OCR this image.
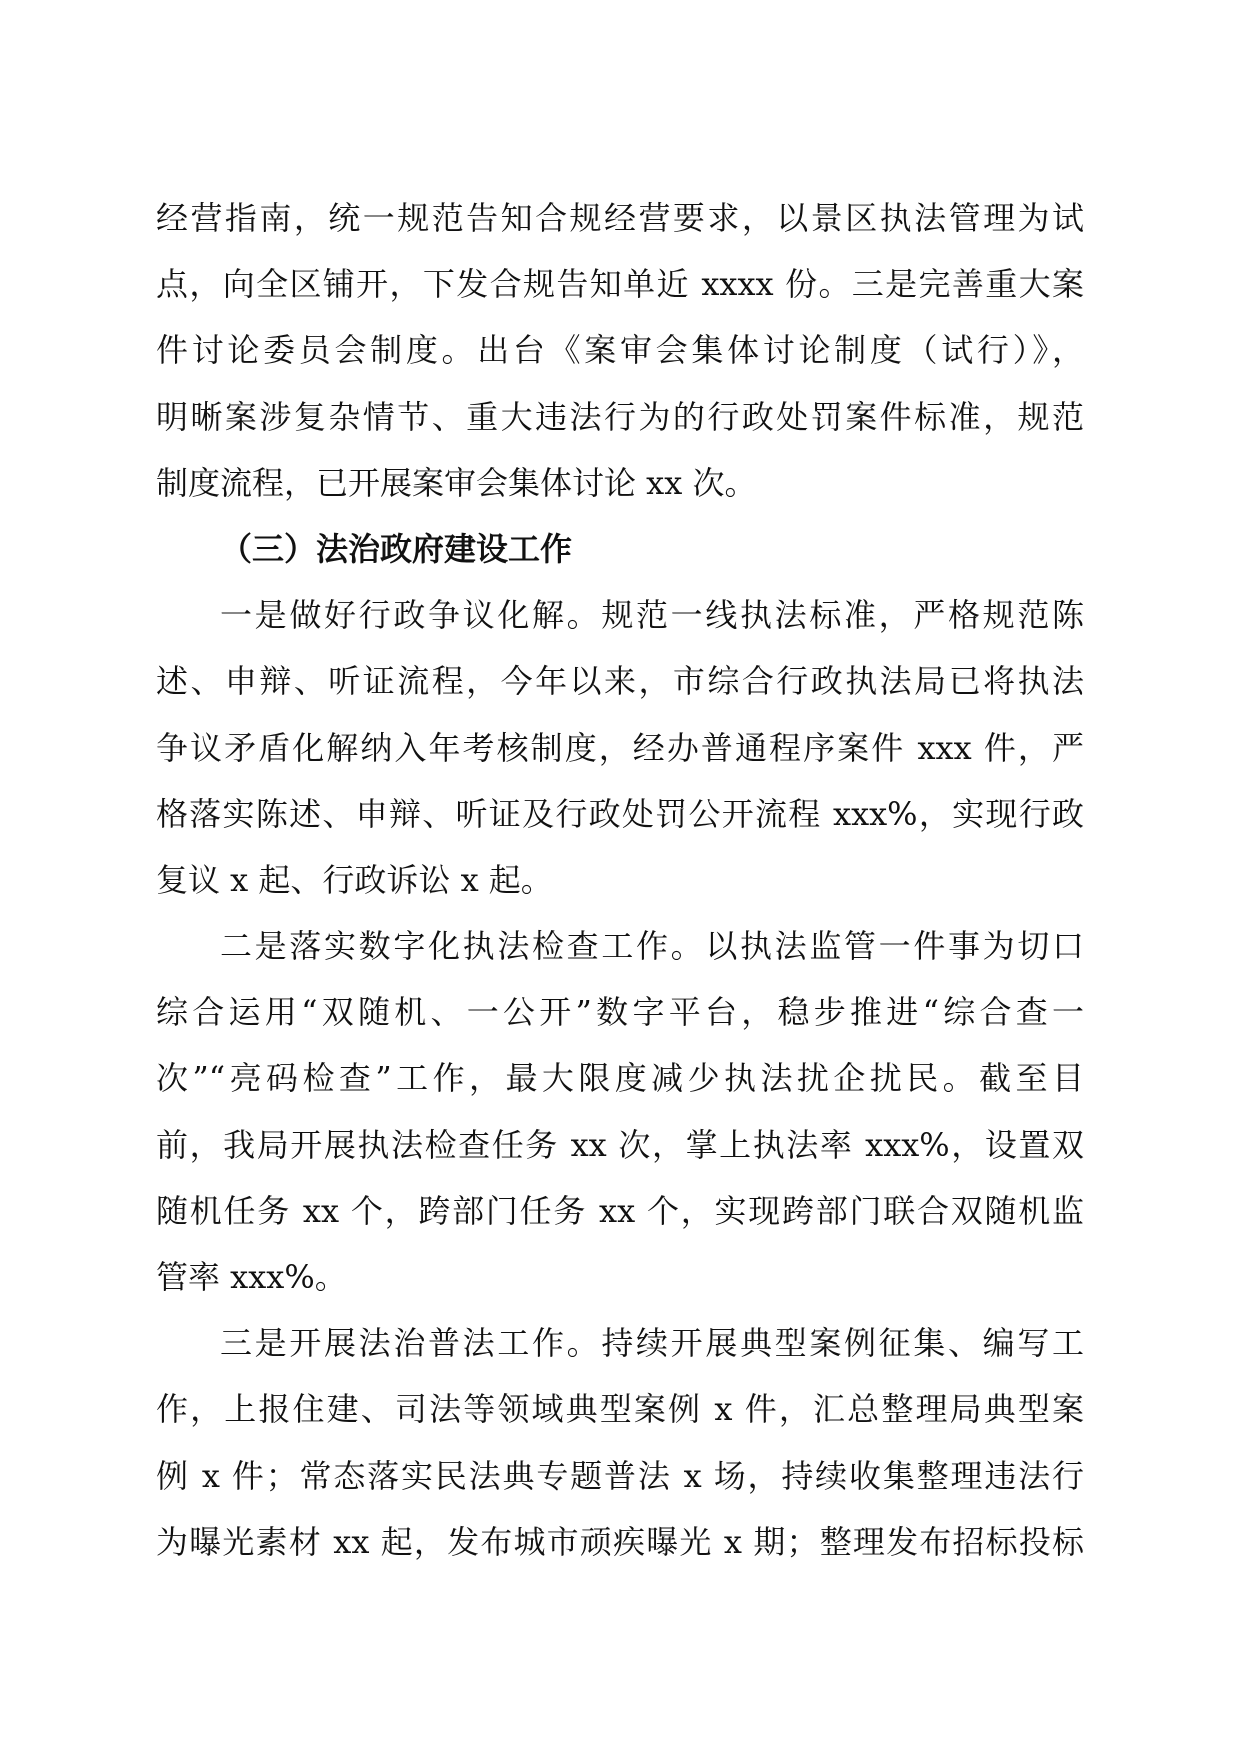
经营指南，统一规范告知合规经营要求，以景区执法管理为试
点，向全区铺开，下发合规告知单近 xxxx 份。三是完善重大案
件讨论委员会制度。出台《案审会集体讨论制度（试行）》，
明晰案涉复杂情节、重大违法行为的行政处罚案件标准，规范
制度流程，已开展案审会集体讨论 xx 次。
（三）法治政府建设工作
一是做好行政争议化解。规范一线执法标准，严格规范陈
述、申辩、听证流程，今年以来，市综合行政执法局已将执法
争议矛盾化解纳入年考核制度，经办普通程序案件 xxx 件，严
格落实陈述、申辩、听证及行政处罚公开流程 xxx%，实现行政
复议 x 起、行政诉讼 x 起。
二是落实数字化执法检查工作。以执法监管一件事为切口
综合运用“双随机、一公开”数字平台，稳步推进“综合查一
次”“亮码检查”工作，最大限度减少执法扰企扰民。截至目
前，我局开展执法检查任务 xx 次，掌上执法率 xxx%，设置双
随机任务 xx 个，跨部门任务 xx 个，实现跨部门联合双随机监
管率 xxx%。
三是开展法治普法工作。持续开展典型案例征集、编写工
作，上报住建、司法等领域典型案例 x 件，汇总整理局典型案
例 x 件；常态落实民法典专题普法 x 场，持续收集整理违法行
为曝光素材 xx 起，发布城市顽疾曝光 x 期；整理发布招标投标
